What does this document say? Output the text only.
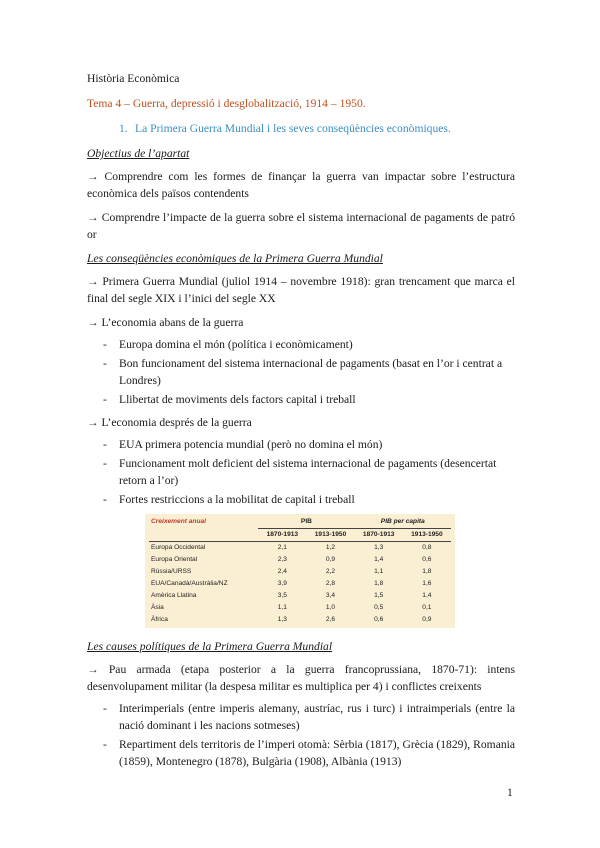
Història Econòmica

Tema 4 – Guerra, depressió i desglobalització, 1914 – 1950.

1. La Primera Guerra Mundial i les seves conseqüències econòmiques.

Objectius de l’apartat

→ Comprendre com les formes de finançar la guerra van impactar sobre l’estructura econòmica dels països contendents

→ Comprendre l’impacte de la guerra sobre el sistema internacional de pagaments de patró or

Les conseqüències econòmiques de la Primera Guerra Mundial

→ Primera Guerra Mundial (juliol 1914 – novembre 1918): gran trencament que marca el final del segle XIX i l’inici del segle XX

→ L’economia abans de la guerra

- Europa domina el món (política i econòmicament)
- Bon funcionament del sistema internacional de pagaments (basat en l’or i centrat a Londres)
- Llibertat de moviments dels factors capital i treball

→ L’economia després de la guerra

- EUA primera potencia mundial (però no domina el món)
- Funcionament molt deficient del sistema internacional de pagaments (desencertat retorn a l’or)
- Fortes restriccions a la mobilitat de capital i treball
Creixement anual	PIB		PIB per capita	
	1870-1913	1913-1950	1870-1913	1913-1950
Europa Occidental	2,1	1,2	1,3	0,8
Europa Oriental	2,3	0,9	1,4	0,6
Rússia/URSS	2,4	2,2	1,1	1,8
EUA/Canadà/Austràlia/NZ	3,9	2,8	1,8	1,6
Amèrica Llatina	3,5	3,4	1,5	1,4
Àsia	1,1	1,0	0,5	0,1
Àfrica	1,3	2,6	0,6	0,9

Les causes polítiques de la Primera Guerra Mundial

→ Pau armada (etapa posterior a la guerra francoprussiana, 1870-71): intens desenvolupament militar (la despesa militar es multiplica per 4) i conflictes creixents

- Interimperials (entre imperis alemany, austríac, rus i turc) i intraimperials (entre la nació dominant i les nacions sotmeses)
- Repartiment dels territoris de l’imperi otomà: Sèrbia (1817), Grècia (1829), Romania (1859), Montenegro (1878), Bulgària (1908), Albània (1913)
1
